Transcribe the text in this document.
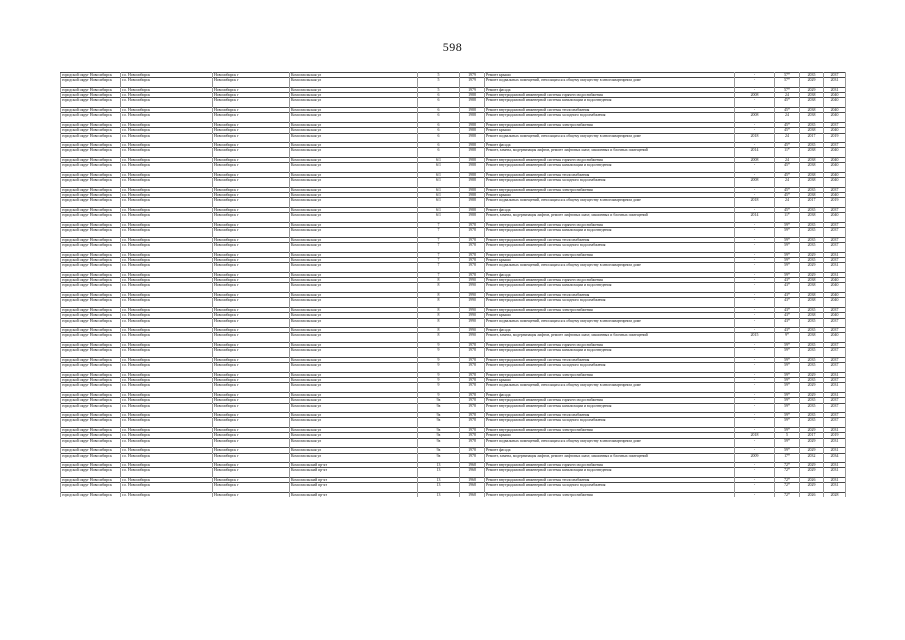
598
городской округ Новосибирск	г.о. Новосибирск	Новосибирск г	Комсомольская ул	5	1979	Ремонт крыши	-	57*	2035	2037
городской округ Новосибирск	г.о. Новосибирск	Новосибирск г	Комсомольская ул	5	1979	Ремонт подвальных помещений, относящихся к общему имуществу в многоквартирном доме	-	57*	2029	2031
городской округ Новосибирск	г.о. Новосибирск	Новосибирск г	Комсомольская ул	5	1979	Ремонт фасада	-	57*	2029	2031
городской округ Новосибирск	г.о. Новосибирск	Новосибирск г	Комсомольская ул	6	1988	Ремонт внутридомовой инженерной системы горячего водоснабжения	2008	24	2038	2040
городской округ Новосибирск	г.о. Новосибирск	Новосибирск г	Комсомольская ул	6	1988	Ремонт внутридомовой инженерной системы канализации и водоотведения	-	45*	2038	2040
городской округ Новосибирск	г.о. Новосибирск	Новосибирск г	Комсомольская ул	6	1988	Ремонт внутридомовой инженерной системы теплоснабжения	-	45*	2038	2040
городской округ Новосибирск	г.о. Новосибирск	Новосибирск г	Комсомольская ул	6	1988	Ремонт внутридомовой инженерной системы холодного водоснабжения	2008	24	2038	2040
городской округ Новосибирск	г.о. Новосибирск	Новосибирск г	Комсомольская ул	6	1988	Ремонт внутридомовой инженерной системы электроснабжения	-	45*	2035	2037
городской округ Новосибирск	г.о. Новосибирск	Новосибирск г	Комсомольская ул	6	1988	Ремонт крыши	-	45*	2038	2040
городской округ Новосибирск	г.о. Новосибирск	Новосибирск г	Комсомольская ул	6	1988	Ремонт подвальных помещений, относящихся к общему имуществу в многоквартирном доме	2018	24	2017	2019
городской округ Новосибирск	г.о. Новосибирск	Новосибирск г	Комсомольская ул	6	1988	Ремонт фасада	-	45*	2035	2037
городской округ Новосибирск	г.о. Новосибирск	Новосибирск г	Комсомольская ул	6	1988	Ремонт, замена, модернизация лифтов, ремонт лифтовых шахт, машинных и блочных помещений	2014	11*	2038	2040
городской округ Новосибирск	г.о. Новосибирск	Новосибирск г	Комсомольская ул	6/1	1988	Ремонт внутридомовой инженерной системы горячего водоснабжения	2008	24	2038	2040
городской округ Новосибирск	г.о. Новосибирск	Новосибирск г	Комсомольская ул	6/1	1988	Ремонт внутридомовой инженерной системы канализации и водоотведения	-	45*	2038	2040
городской округ Новосибирск	г.о. Новосибирск	Новосибирск г	Комсомольская ул	6/1	1988	Ремонт внутридомовой инженерной системы теплоснабжения	-	45*	2038	2040
городской округ Новосибирск	г.о. Новосибирск	Новосибирск г	Комсомольская ул	6/1	1988	Ремонт внутридомовой инженерной системы холодного водоснабжения	2008	24	2038	2040
городской округ Новосибирск	г.о. Новосибирск	Новосибирск г	Комсомольская ул	6/1	1988	Ремонт внутридомовой инженерной системы электроснабжения	-	45*	2035	2037
городской округ Новосибирск	г.о. Новосибирск	Новосибирск г	Комсомольская ул	6/1	1988	Ремонт крыши	-	45*	2038	2040
городской округ Новосибирск	г.о. Новосибирск	Новосибирск г	Комсомольская ул	6/1	1988	Ремонт подвальных помещений, относящихся к общему имуществу в многоквартирном доме	2018	24	2017	2019
городской округ Новосибирск	г.о. Новосибирск	Новосибирск г	Комсомольская ул	6/1	1988	Ремонт фасада	-	45*	2035	2037
городской округ Новосибирск	г.о. Новосибирск	Новосибирск г	Комсомольская ул	6/1	1988	Ремонт, замена, модернизация лифтов, ремонт лифтовых шахт, машинных и блочных помещений	2014	11*	2038	2040
городской округ Новосибирск	г.о. Новосибирск	Новосибирск г	Комсомольская ул	7	1978	Ремонт внутридомовой инженерной системы горячего водоснабжения	-	59*	2035	2037
городской округ Новосибирск	г.о. Новосибирск	Новосибирск г	Комсомольская ул	7	1978	Ремонт внутридомовой инженерной системы канализации и водоотведения	-	59*	2035	2037
городской округ Новосибирск	г.о. Новосибирск	Новосибирск г	Комсомольская ул	7	1978	Ремонт внутридомовой инженерной системы теплоснабжения	-	59*	2035	2037
городской округ Новосибирск	г.о. Новосибирск	Новосибирск г	Комсомольская ул	7	1978	Ремонт внутридомовой инженерной системы холодного водоснабжения	-	59*	2035	2037
городской округ Новосибирск	г.о. Новосибирск	Новосибирск г	Комсомольская ул	7	1978	Ремонт внутридомовой инженерной системы электроснабжения	-	59*	2029	2031
городской округ Новосибирск	г.о. Новосибирск	Новосибирск г	Комсомольская ул	7	1978	Ремонт крыши	-	59*	2035	2037
городской округ Новосибирск	г.о. Новосибирск	Новосибирск г	Комсомольская ул	7	1978	Ремонт подвальных помещений, относящихся к общему имуществу в многоквартирном доме	-	59*	2029	2031
городской округ Новосибирск	г.о. Новосибирск	Новосибирск г	Комсомольская ул	7	1978	Ремонт фасада	-	59*	2029	2031
городской округ Новосибирск	г.о. Новосибирск	Новосибирск г	Комсомольская ул	8	1990	Ремонт внутридомовой инженерной системы горячего водоснабжения	-	43*	2038	2040
городской округ Новосибирск	г.о. Новосибирск	Новосибирск г	Комсомольская ул	8	1990	Ремонт внутридомовой инженерной системы канализации и водоотведения	-	43*	2038	2040
городской округ Новосибирск	г.о. Новосибирск	Новосибирск г	Комсомольская ул	8	1990	Ремонт внутридомовой инженерной системы теплоснабжения	-	43*	2038	2040
городской округ Новосибирск	г.о. Новосибирск	Новосибирск г	Комсомольская ул	8	1990	Ремонт внутридомовой инженерной системы холодного водоснабжения	-	43*	2038	2040
городской округ Новосибирск	г.о. Новосибирск	Новосибирск г	Комсомольская ул	8	1990	Ремонт внутридомовой инженерной системы электроснабжения	-	43*	2035	2037
городской округ Новосибирск	г.о. Новосибирск	Новосибирск г	Комсомольская ул	8	1990	Ремонт крыши	-	43*	2038	2040
городской округ Новосибирск	г.о. Новосибирск	Новосибирск г	Комсомольская ул	8	1990	Ремонт подвальных помещений, относящихся к общему имуществу в многоквартирном доме	-	43*	2035	2037
городской округ Новосибирск	г.о. Новосибирск	Новосибирск г	Комсомольская ул	8	1990	Ремонт фасада	-	43*	2035	2037
городской округ Новосибирск	г.о. Новосибирск	Новосибирск г	Комсомольская ул	8	1990	Ремонт, замена, модернизация лифтов, ремонт лифтовых шахт, машинных и блочных помещений	2015	9*	2038	2040
городской округ Новосибирск	г.о. Новосибирск	Новосибирск г	Комсомольская ул	9	1978	Ремонт внутридомовой инженерной системы горячего водоснабжения	-	59*	2035	2037
городской округ Новосибирск	г.о. Новосибирск	Новосибирск г	Комсомольская ул	9	1978	Ремонт внутридомовой инженерной системы канализации и водоотведения	-	59*	2035	2037
городской округ Новосибирск	г.о. Новосибирск	Новосибирск г	Комсомольская ул	9	1978	Ремонт внутридомовой инженерной системы теплоснабжения	-	59*	2035	2037
городской округ Новосибирск	г.о. Новосибирск	Новосибирск г	Комсомольская ул	9	1978	Ремонт внутридомовой инженерной системы холодного водоснабжения	-	59*	2035	2037
городской округ Новосибирск	г.о. Новосибирск	Новосибирск г	Комсомольская ул	9	1978	Ремонт внутридомовой инженерной системы электроснабжения	-	59*	2029	2031
городской округ Новосибирск	г.о. Новосибирск	Новосибирск г	Комсомольская ул	9	1978	Ремонт крыши	-	59*	2035	2037
городской округ Новосибирск	г.о. Новосибирск	Новосибирск г	Комсомольская ул	9	1978	Ремонт подвальных помещений, относящихся к общему имуществу в многоквартирном доме	-	59*	2029	2031
городской округ Новосибирск	г.о. Новосибирск	Новосибирск г	Комсомольская ул	9	1978	Ремонт фасада	-	59*	2029	2031
городской округ Новосибирск	г.о. Новосибирск	Новосибирск г	Комсомольская ул	9а	1978	Ремонт внутридомовой инженерной системы горячего водоснабжения	-	59*	2035	2037
городской округ Новосибирск	г.о. Новосибирск	Новосибирск г	Комсомольская ул	9а	1978	Ремонт внутридомовой инженерной системы канализации и водоотведения	-	59*	2035	2037
городской округ Новосибирск	г.о. Новосибирск	Новосибирск г	Комсомольская ул	9а	1978	Ремонт внутридомовой инженерной системы теплоснабжения	-	59*	2035	2037
городской округ Новосибирск	г.о. Новосибирск	Новосибирск г	Комсомольская ул	9а	1978	Ремонт внутридомовой инженерной системы холодного водоснабжения	-	59*	2035	2037
городской округ Новосибирск	г.о. Новосибирск	Новосибирск г	Комсомольская ул	9а	1978	Ремонт внутридомовой инженерной системы электроснабжения	-	59*	2029	2031
городской округ Новосибирск	г.о. Новосибирск	Новосибирск г	Комсомольская ул	9а	1978	Ремонт крыши	2018	5	2017	2019
городской округ Новосибирск	г.о. Новосибирск	Новосибирск г	Комсомольская ул	9а	1978	Ремонт подвальных помещений, относящихся к общему имуществу в многоквартирном доме	-	59*	2029	2031
городской округ Новосибирск	г.о. Новосибирск	Новосибирск г	Комсомольская ул	9а	1978	Ремонт фасада	-	59*	2029	2031
городской округ Новосибирск	г.о. Новосибирск	Новосибирск г	Комсомольская ул	9а	1978	Ремонт, замена, модернизация лифтов, ремонт лифтовых шахт, машинных и блочных помещений	2009	17*	2032	2034
городской округ Новосибирск	г.о. Новосибирск	Новосибирск г	Комсомольский пр-кт	13	1968	Ремонт внутридомовой инженерной системы горячего водоснабжения	-	72*	2029	2031
городской округ Новосибирск	г.о. Новосибирск	Новосибирск г	Комсомольский пр-кт	13	1968	Ремонт внутридомовой инженерной системы канализации и водоотведения	-	72*	2029	2031
городской округ Новосибирск	г.о. Новосибирск	Новосибирск г	Комсомольский пр-кт	13	1968	Ремонт внутридомовой инженерной системы теплоснабжения	-	72*	2026	2031
городской округ Новосибирск	г.о. Новосибирск	Новосибирск г	Комсомольский пр-кт	13	1968	Ремонт внутридомовой инженерной системы холодного водоснабжения	-	72*	2029	2031
городской округ Новосибирск	г.о. Новосибирск	Новосибирск г	Комсомольский пр-кт	13	1968	Ремонт внутридомовой инженерной системы электроснабжения	-	72*	2026	2028
